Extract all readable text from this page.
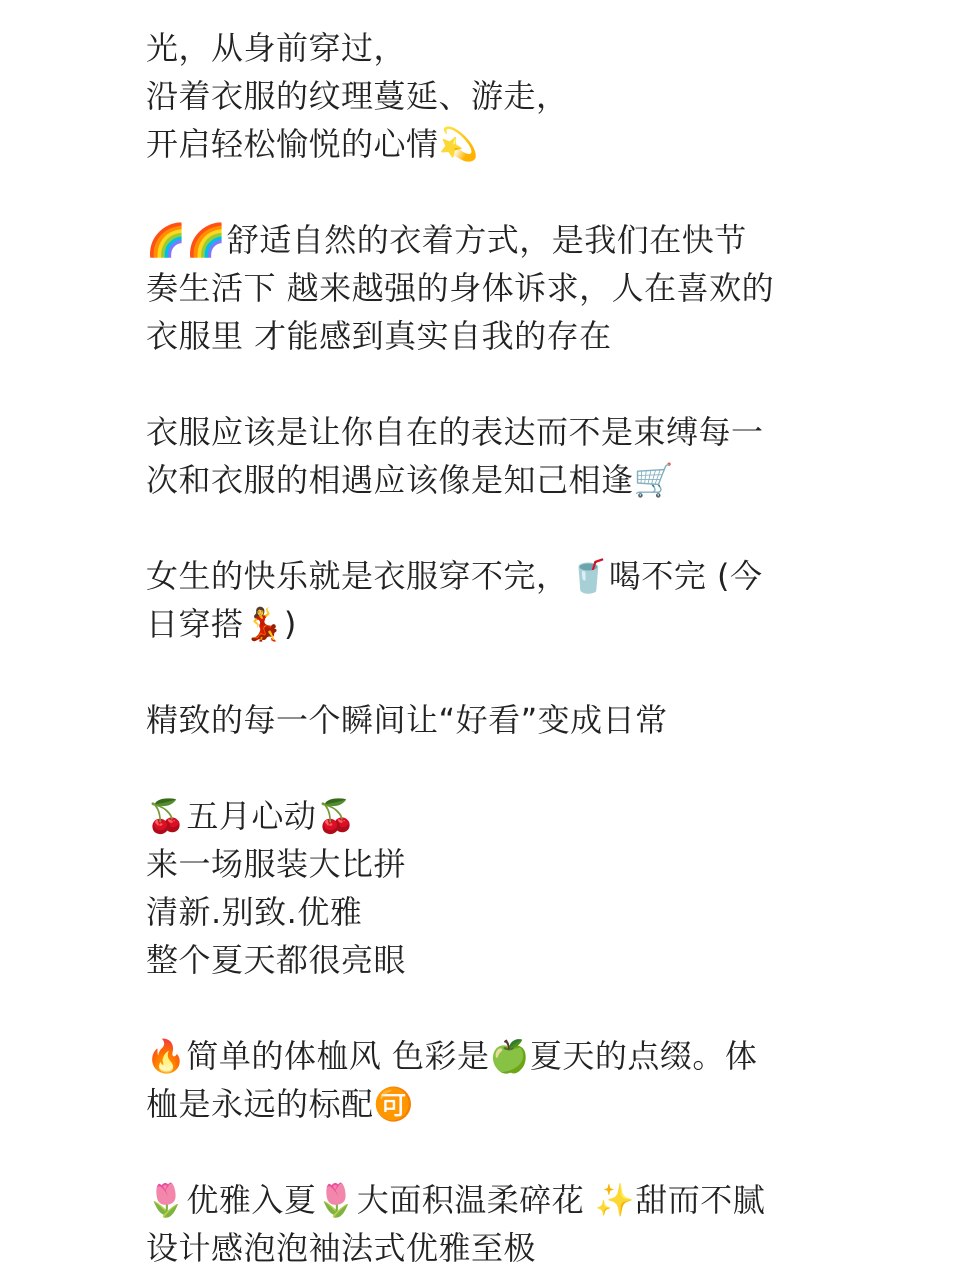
光，从身前穿过，
沿着衣服的纹理蔓延、游走，
开启轻松愉悦的心情💫
🌈🌈舒适自然的衣着方式，是我们在快节
奏生活下 越来越强的身体诉求，人在喜欢的
衣服里 才能感到真实自我的存在
衣服应该是让你自在的表达而不是束缚每一
次和衣服的相遇应该像是知己相逢🛒
女生的快乐就是衣服穿不完，🥤喝不完 (今
日穿搭💃)
精致的每一个瞬间让“好看”变成日常
🍒五月心动🍒
来一场服装大比拼
清新.别致.优雅
整个夏天都很亮眼
🔥简单的体桖风 色彩是🍏夏天的点缀。体
桖是永远的标配🉑
🌷优雅入夏🌷大面积温柔碎花 ✨甜而不腻
设计感泡泡袖法式优雅至极
